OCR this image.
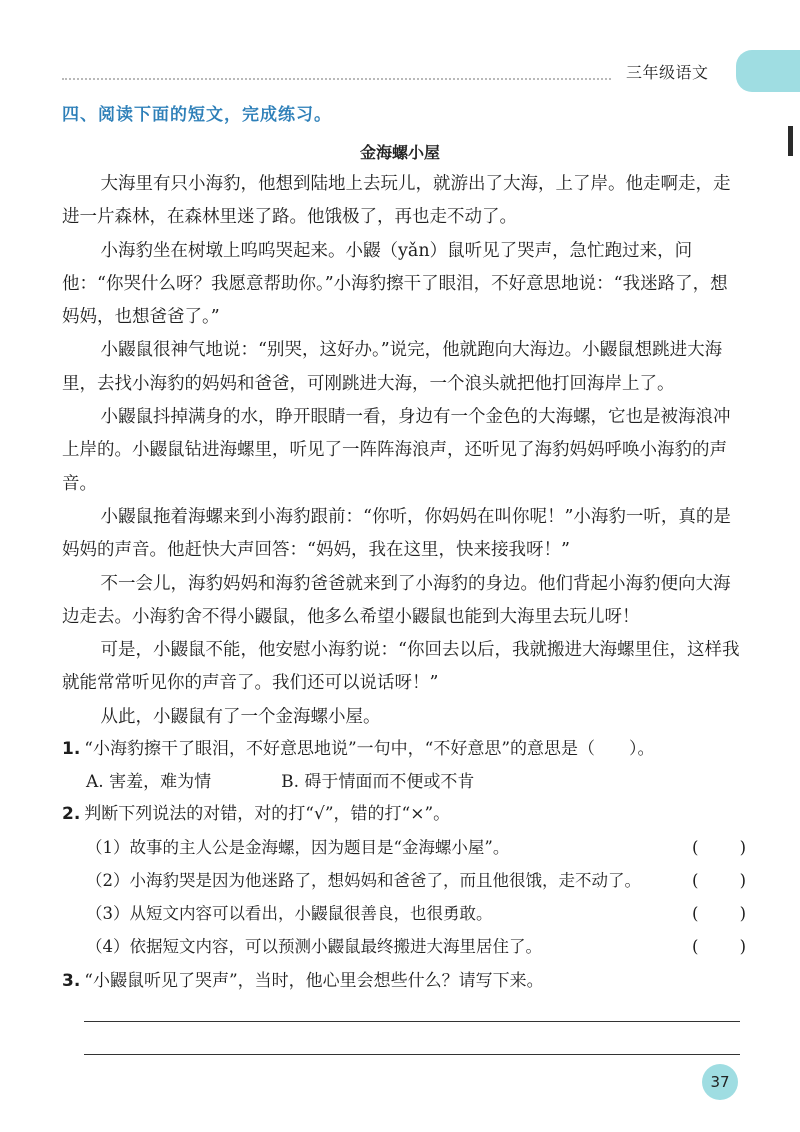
三年级语文
四、阅读下面的短文，完成练习。
金海螺小屋

大海里有只小海豹，他想到陆地上去玩儿，就游出了大海，上了岸。他走啊走，走进一片森林，在森林里迷了路。他饿极了，再也走不动了。

小海豹坐在树墩上呜呜哭起来。小鼹（yǎn）鼠听见了哭声，急忙跑过来，问他：“你哭什么呀？我愿意帮助你。”小海豹擦干了眼泪，不好意思地说：“我迷路了，想妈妈，也想爸爸了。”

小鼹鼠很神气地说：“别哭，这好办。”说完，他就跑向大海边。小鼹鼠想跳进大海里，去找小海豹的妈妈和爸爸，可刚跳进大海，一个浪头就把他打回海岸上了。

小鼹鼠抖掉满身的水，睁开眼睛一看，身边有一个金色的大海螺，它也是被海浪冲上岸的。小鼹鼠钻进海螺里，听见了一阵阵海浪声，还听见了海豹妈妈呼唤小海豹的声音。

小鼹鼠拖着海螺来到小海豹跟前：“你听，你妈妈在叫你呢！”小海豹一听，真的是妈妈的声音。他赶快大声回答：“妈妈，我在这里，快来接我呀！”

不一会儿，海豹妈妈和海豹爸爸就来到了小海豹的身边。他们背起小海豹便向大海边走去。小海豹舍不得小鼹鼠，他多么希望小鼹鼠也能到大海里去玩儿呀！

可是，小鼹鼠不能，他安慰小海豹说：“你回去以后，我就搬进大海螺里住，这样我就能常常听见你的声音了。我们还可以说话呀！”

从此，小鼹鼠有了一个金海螺小屋。

1. “小海豹擦干了眼泪，不好意思地说”一句中，“不好意思”的意思是（　　）。
A. 害羞，难为情	B. 碍于情面而不便或不肯
2. 判断下列说法的对错，对的打“√”，错的打“×”。
（1）故事的主人公是金海螺，因为题目是“金海螺小屋”。	( )
（2）小海豹哭是因为他迷路了，想妈妈和爸爸了，而且他很饿，走不动了。	( )
（3）从短文内容可以看出，小鼹鼠很善良，也很勇敢。	( )
（4）依据短文内容，可以预测小鼹鼠最终搬进大海里居住了。	( )
3. “小鼹鼠听见了哭声”，当时，他心里会想些什么？请写下来。
37
